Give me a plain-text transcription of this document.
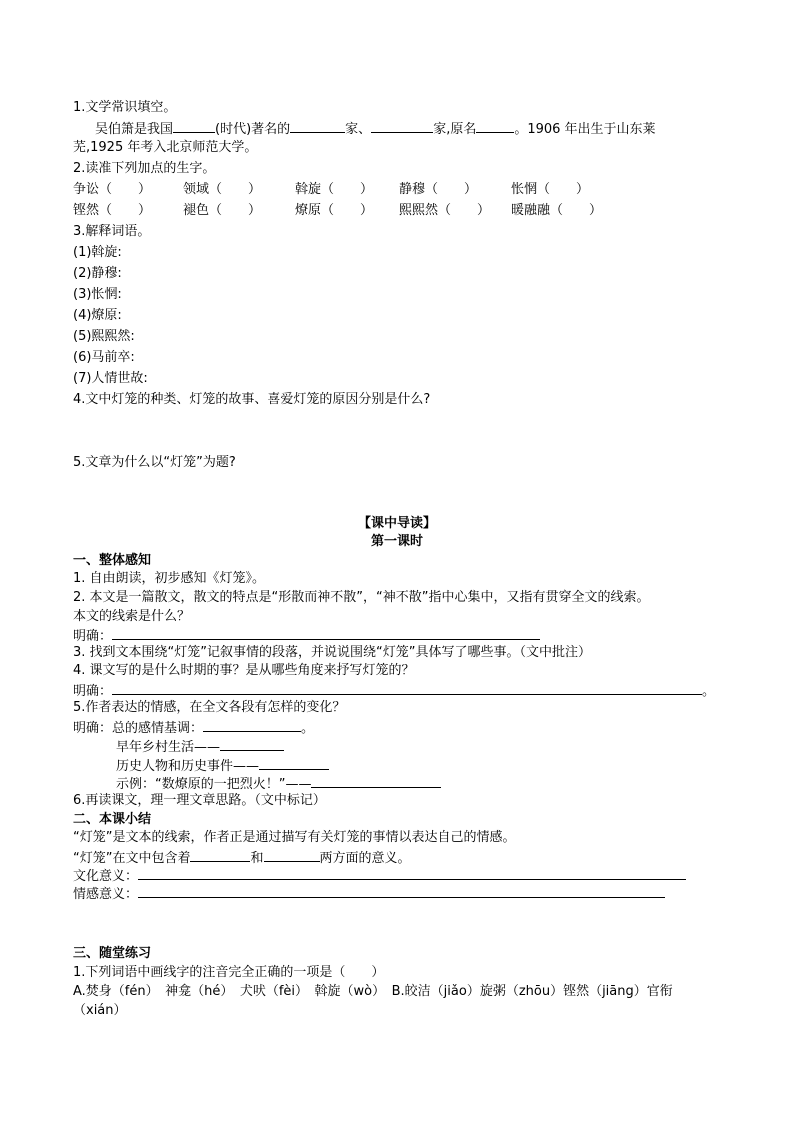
1.文学常识填空。
吴伯箫是我国	(时代)著名的	家、	家,原名	。1906 年出生于山东莱
芜,1925 年考入北京师范大学。
2.读准下列加点的生字。
争讼（　　） 领域（　　）	斡旋（　　） 静穆（　　）	怅惘（　　）
铿然（　　） 褪色（　　）	燎原（　　） 熙熙然（　　） 暖融融（　　）
3.解释词语。
(1)斡旋:
(2)静穆:
(3)怅惘:
(4)燎原:
(5)熙熙然:
(6)马前卒:
(7)人情世故:
4.文中灯笼的种类、灯笼的故事、喜爱灯笼的原因分别是什么?
5.文章为什么以“灯笼”为题?
【课中导读】
第一课时
一、整体感知
1. 自由朗读，初步感知《灯笼》。
2. 本文是一篇散文，散文的特点是“形散而神不散”，“神不散”指中心集中，又指有贯穿全文的线索。
本文的线索是什么？
明确：
3. 找到文本围绕“灯笼”记叙事情的段落，并说说围绕“灯笼”具体写了哪些事。（文中批注）
4. 课文写的是什么时期的事？是从哪些角度来抒写灯笼的？
明确：	。
5.作者表达的情感，在全文各段有怎样的变化？
明确：总的感情基调：	。
早年乡村生活——
历史人物和历史事件——
示例：“数燎原的一把烈火！”——
6.再读课文，理一理文章思路。（文中标记）
二、本课小结
“灯笼”是文本的线索，作者正是通过描写有关灯笼的事情以表达自己的情感。
“灯笼”在文中包含着	和	两方面的意义。
文化意义：
情感意义：
三、随堂练习
1.下列词语中画线字的注音完全正确的一项是（　　）
A.焚身（fén）　神龛（hé）　犬吠（fèi）　斡旋（wò）　B.皎洁（jiǎo）旋粥（zhōu）铿然（jiāng）官衔
（xián）
